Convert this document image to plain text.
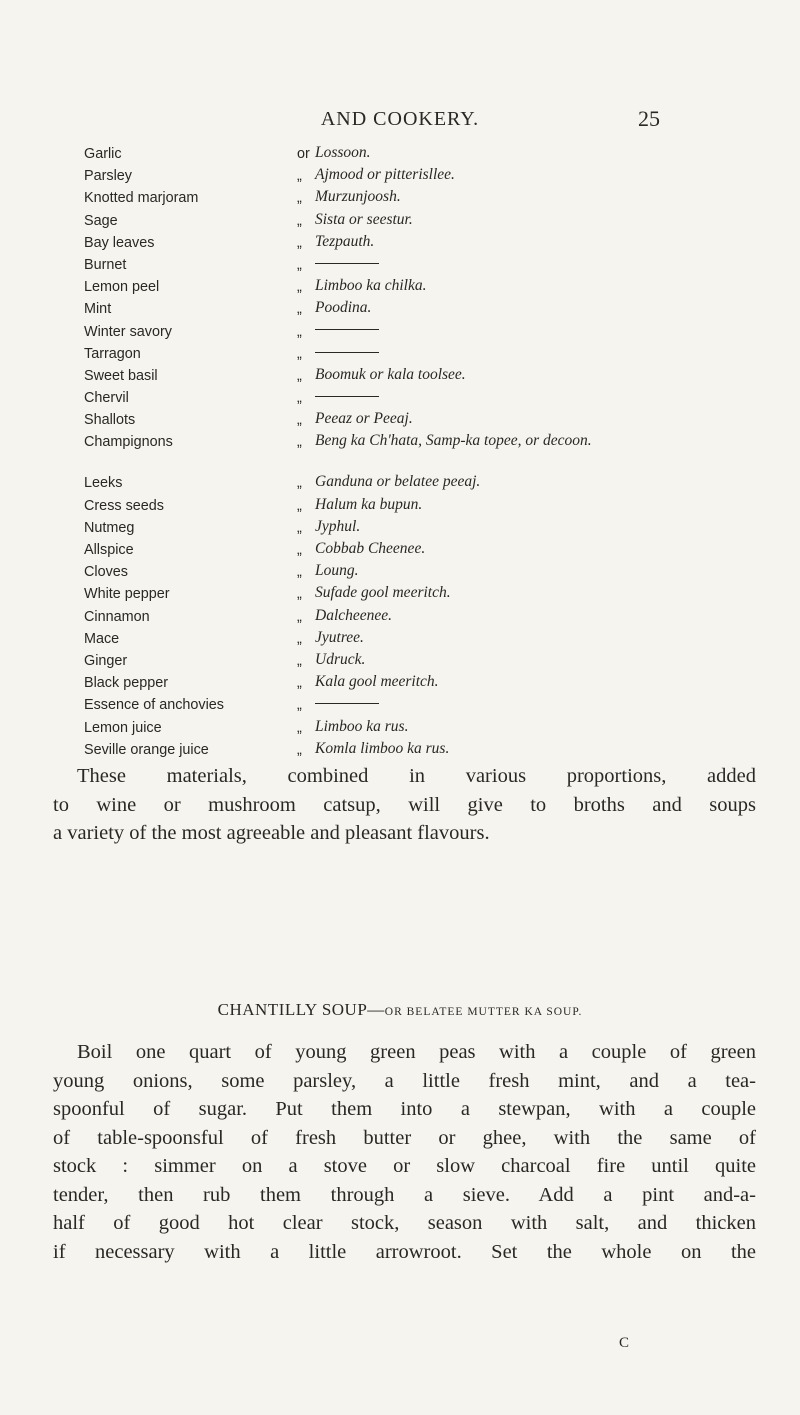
AND COOKERY.	25
Garlic	or Lossoon.
Parsley	„ Ajmood or pitterisllee.
Knotted marjoram	„ Murzunjoosh.
Sage	„ Sista or seestur.
Bay leaves	„ Tezpauth.
Burnet	„
Lemon peel	„ Limboo ka chilka.
Mint	„ Poodina.
Winter savory	„
Tarragon	„
Sweet basil	„ Boomuk or kala toolsee.
Chervil	„
Shallots	„ Peeaz or Peeaj.
Champignons	„ Beng ka Ch'hata, Samp-ka topee, or decoon.
Leeks	„ Ganduna or belatee peeaj.
Cress seeds	„ Halum ka bupun.
Nutmeg	„ Jyphul.
Allspice	„ Cobbab Cheenee.
Cloves	„ Loung.
White pepper	„ Sufade gool meeritch.
Cinnamon	„ Dalcheenee.
Mace	„ Jyutree.
Ginger	„ Udruck.
Black pepper	„ Kala gool meeritch.
Essence of anchovies	„
Lemon juice	„ Limboo ka rus.
Seville orange juice	„ Komla limboo ka rus.

These materials, combined in various proportions, added
to wine or mushroom catsup, will give to broths and soups
a variety of the most agreeable and pleasant flavours.

CHANTILLY SOUP—OR BELATEE MUTTER KA SOUP.

Boil one quart of young green peas with a couple of green
young onions, some parsley, a little fresh mint, and a tea-
spoonful of sugar. Put them into a stewpan, with a couple
of table-spoonsful of fresh butter or ghee, with the same of
stock : simmer on a stove or slow charcoal fire until quite
tender, then rub them through a sieve. Add a pint and-a-
half of good hot clear stock, season with salt, and thicken
if necessary with a little arrowroot. Set the whole on the

C
